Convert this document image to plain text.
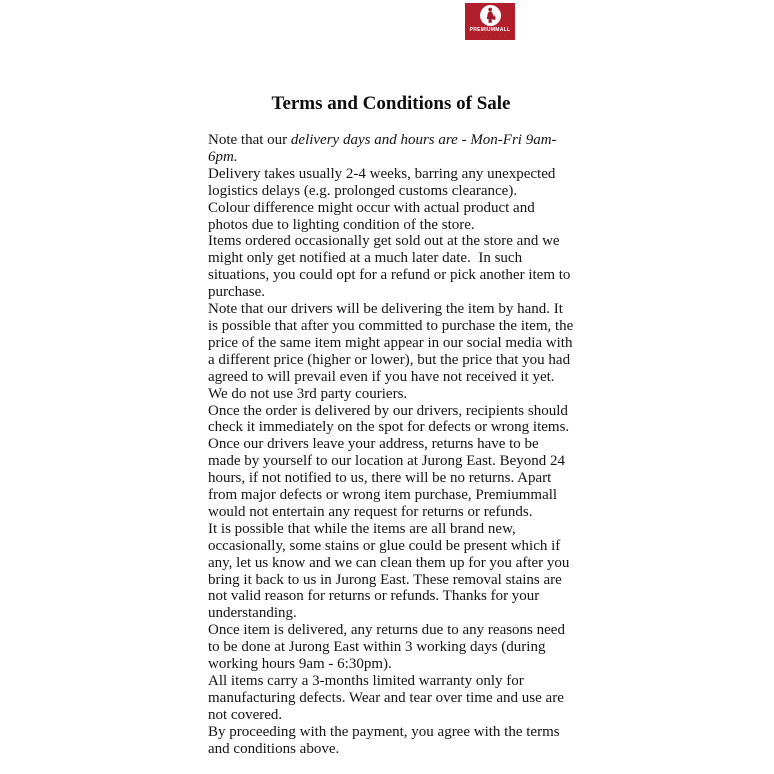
PREMIUMMALL
· · · · · · · ·
Terms and Conditions of Sale

Note that our delivery days and hours are - Mon-Fri 9am-6pm.

Delivery takes usually 2-4 weeks, barring any unexpected logistics delays (e.g. prolonged customs clearance).

Colour difference might occur with actual product and photos due to lighting condition of the store.

Items ordered occasionally get sold out at the store and we might only get notified at a much later date.  In such situations, you could opt for a refund or pick another item to purchase.

Note that our drivers will be delivering the item by hand. It is possible that after you committed to purchase the item, the price of the same item might appear in our social media with a different price (higher or lower), but the price that you had agreed to will prevail even if you have not received it yet. We do not use 3rd party couriers.

Once the order is delivered by our drivers, recipients should check it immediately on the spot for defects or wrong items.

Once our drivers leave your address, returns have to be made by yourself to our location at Jurong East. Beyond 24 hours, if not notified to us, there will be no returns. Apart from major defects or wrong item purchase, Premiummall would not entertain any request for returns or refunds.

It is possible that while the items are all brand new, occasionally, some stains or glue could be present which if any, let us know and we can clean them up for you after you bring it back to us in Jurong East. These removal stains are not valid reason for returns or refunds. Thanks for your understanding.

Once item is delivered, any returns due to any reasons need to be done at Jurong East within 3 working days (during working hours 9am - 6:30pm).

All items carry a 3-months limited warranty only for manufacturing defects. Wear and tear over time and use are not covered.

By proceeding with the payment, you agree with the terms and conditions above.
